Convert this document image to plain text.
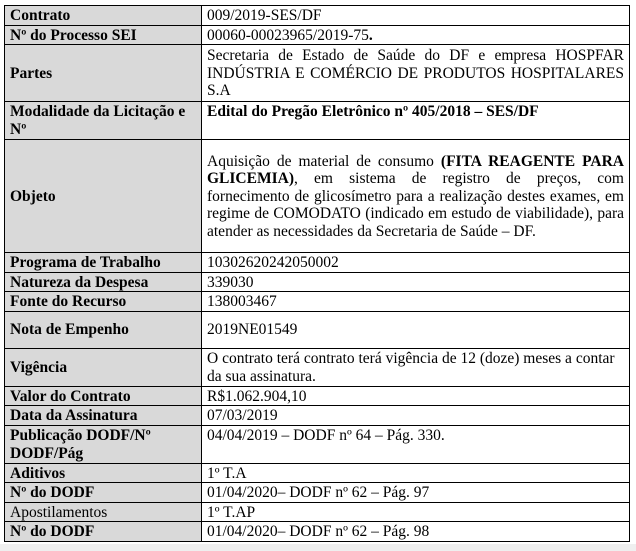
Contrato	009/2019-SES/DF
Nº do Processo SEI	00060-00023965/2019-75.
Partes	Secretaria de Estado de Saúde do DF e empresa HOSPFAR INDÚSTRIA E COMÉRCIO DE PRODUTOS HOSPITALARES S.A
Modalidade da Licitação e Nº	Edital do Pregão Eletrônico nº 405/2018 – SES/DF
Objeto	Aquisição de material de consumo (FITA REAGENTE PARA GLICEMIA), em sistema de registro de preços, com fornecimento de glicosímetro para a realização destes exames, em regime de COMODATO (indicado em estudo de viabilidade), para atender as necessidades da Secretaria de Saúde – DF.
Programa de Trabalho	10302620242050002
Natureza da Despesa	339030
Fonte do Recurso	138003467
Nota de Empenho	2019NE01549
Vigência	O contrato terá contrato terá vigência de 12 (doze) meses a contar da sua assinatura.
Valor do Contrato	R$1.062.904,10
Data da Assinatura	07/03/2019
Publicação DODF/Nº DODF/Pág	04/04/2019 – DODF nº 64 – Pág. 330.
Aditivos	1º T.A
Nº do DODF	01/04/2020– DODF nº 62 – Pág. 97
Apostilamentos	1º T.AP
Nº do DODF	01/04/2020– DODF nº 62 – Pág. 98
